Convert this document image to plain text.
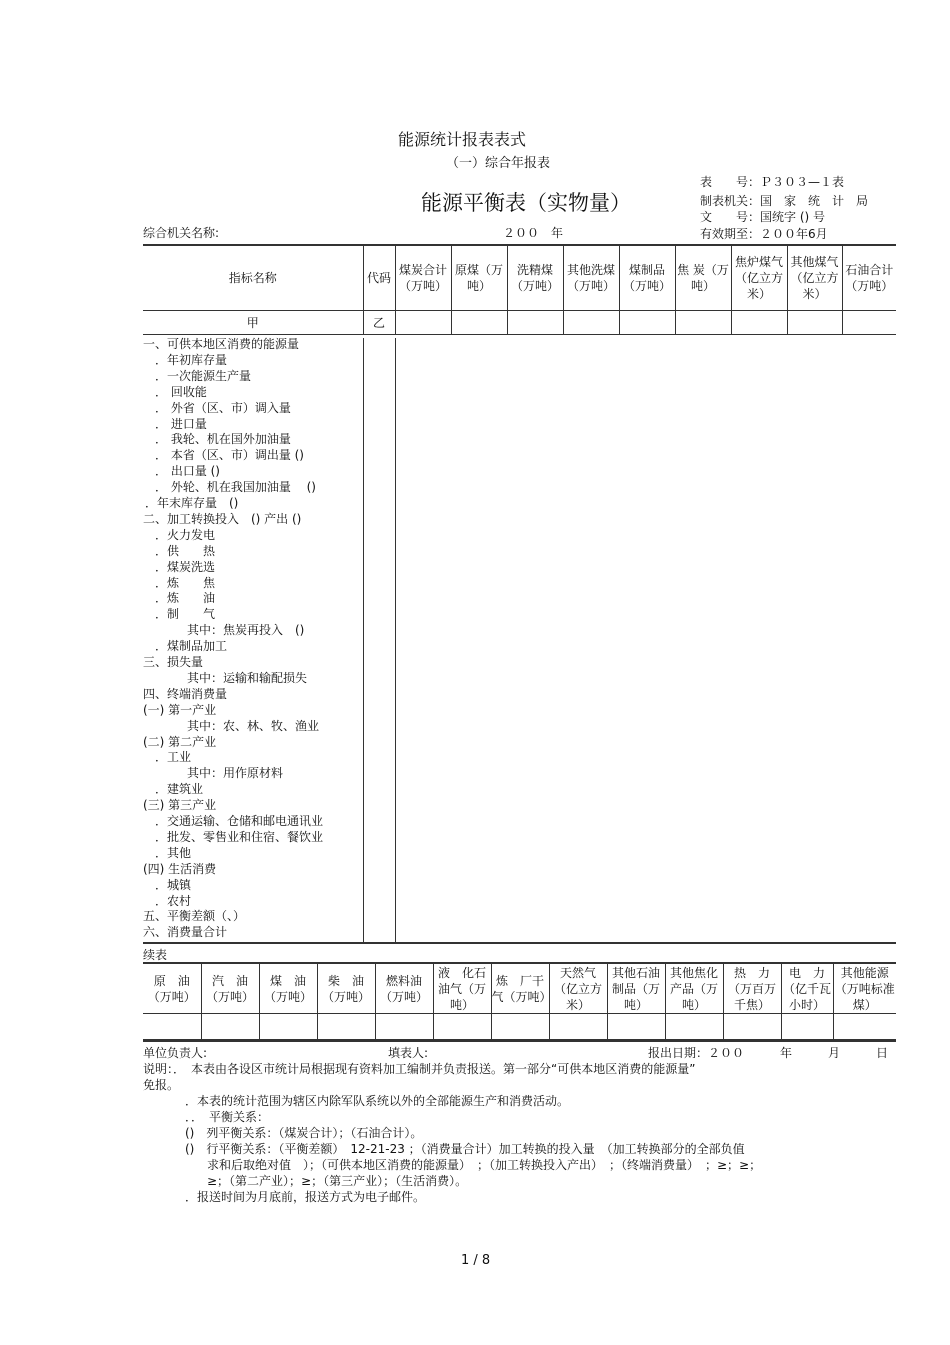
能源统计报表表式
（一）综合年报表
能源平衡表（实物量）
表　　号：Ｐ３０３—１表
制表机关：国　家　统　计　局
文　　号：国统字 () 号
有效期至：２００年6月
综合机关名称:	２００　年
指标名称	代码	煤炭合计（万吨）	原煤（万吨）	洗精煤（万吨）	其他洗煤（万吨）	煤制品（万吨）	焦 炭（万吨）	焦炉煤气（亿立方米）	其他煤气（亿立方米）	石油合计（万吨）
甲	乙									
一、可供本地区消费的能源量
．年初库存量
．一次能源生产量
． 回收能
． 外省（区、市）调入量
． 进口量
． 我轮、机在国外加油量
． 本省（区、市）调出量 ()
． 出口量 ()
． 外轮、机在我国加油量　 ()
．年末库存量　()
二、加工转换投入　() 产出 ()
．火力发电
．供　　热
．煤炭洗选
．炼　　焦
．炼　　油
．制　　气
其中：焦炭再投入　()
．煤制品加工
三、损失量
其中：运输和输配损失
四、终端消费量
(一) 第一产业
其中：农、林、牧、渔业
(二) 第二产业
．工业
其中：用作原材料
．建筑业
(三) 第三产业
．交通运输、仓储和邮电通讯业
．批发、零售业和住宿、餐饮业
．其他
(四) 生活消费
．城镇
．农村
五、平衡差额（、）
六、消费量合计
续表
原　油（万吨）	汽　油（万吨）	煤　油（万吨）	柴　油（万吨）	燃料油（万吨）	液　化石油气（万吨）	炼　厂干　气（万吨）	天然气（亿立方米）	其他石油制品（万吨）	其他焦化产品（万吨）	热　力（万百万千焦）	电　力（亿千瓦小时）	其他能源（万吨标准煤）

单位负责人:	填表人:	报出日期：２００　　　年　　　月　　　日
说明：．　本表由各设区市统计局根据现有资料加工编制并负责报送。第一部分“可供本地区消费的能源量”
免报。
．本表的统计范围为辖区内除军队系统以外的全部能源生产和消费活动。
．．　平衡关系：
()　列平衡关系：（煤炭合计）；（石油合计）。
()　行平衡关系：（平衡差额）　12-21-23 ；（消费量合计）加工转换的投入量　（加工转换部分的全部负值
求和后取绝对值　）；（可供本地区消费的能源量）　；（加工转换投入产出）　；（终端消费量）　；≥；≥；
≥；（第二产业）；≥；（第三产业）；（生活消费）。
．报送时间为月底前，报送方式为电子邮件。
1 / 8
